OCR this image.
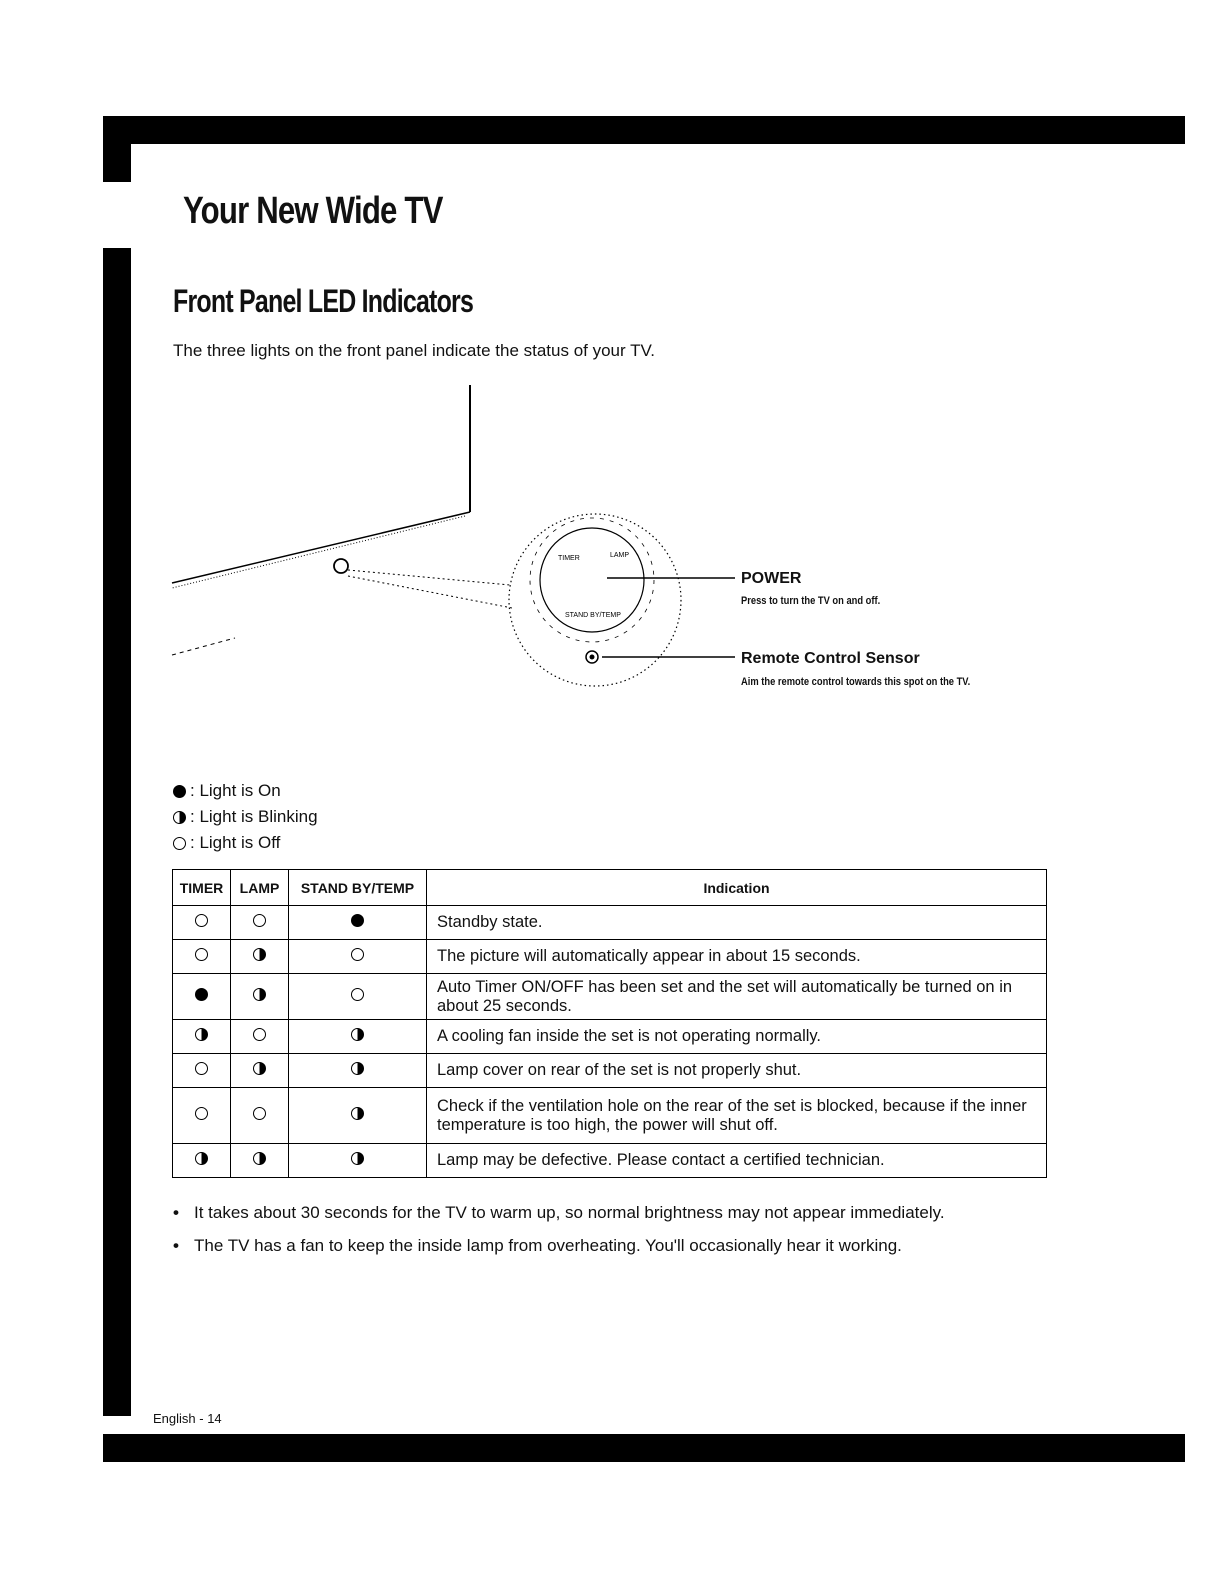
Your New Wide TV
Front Panel LED Indicators

The three lights on the front panel indicate the status of your TV.

TIMER	LAMP
STAND BY/TEMP
POWER
Press to turn the TV on and off.
Remote Control Sensor
Aim the remote control towards this spot on the TV.
: Light is On
: Light is Blinking
: Light is Off
TIMER	LAMP	STAND BY/TEMP	Indication
			Standby state.
			The picture will automatically appear in about 15 seconds.
			Auto Timer ON/OFF has been set and the set will automatically be turned on in about 25 seconds.
			A cooling fan inside the set is not operating normally.
			Lamp cover on rear of the set is not properly shut.
			Check if the ventilation hole on the rear of the set is blocked, because if the inner temperature is too high, the power will shut off.
			Lamp may be defective. Please contact a certified technician.
• It takes about 30 seconds for the TV to warm up, so normal brightness may not appear immediately.
• The TV has a fan to keep the inside lamp from overheating. You'll occasionally hear it working.
English - 14
